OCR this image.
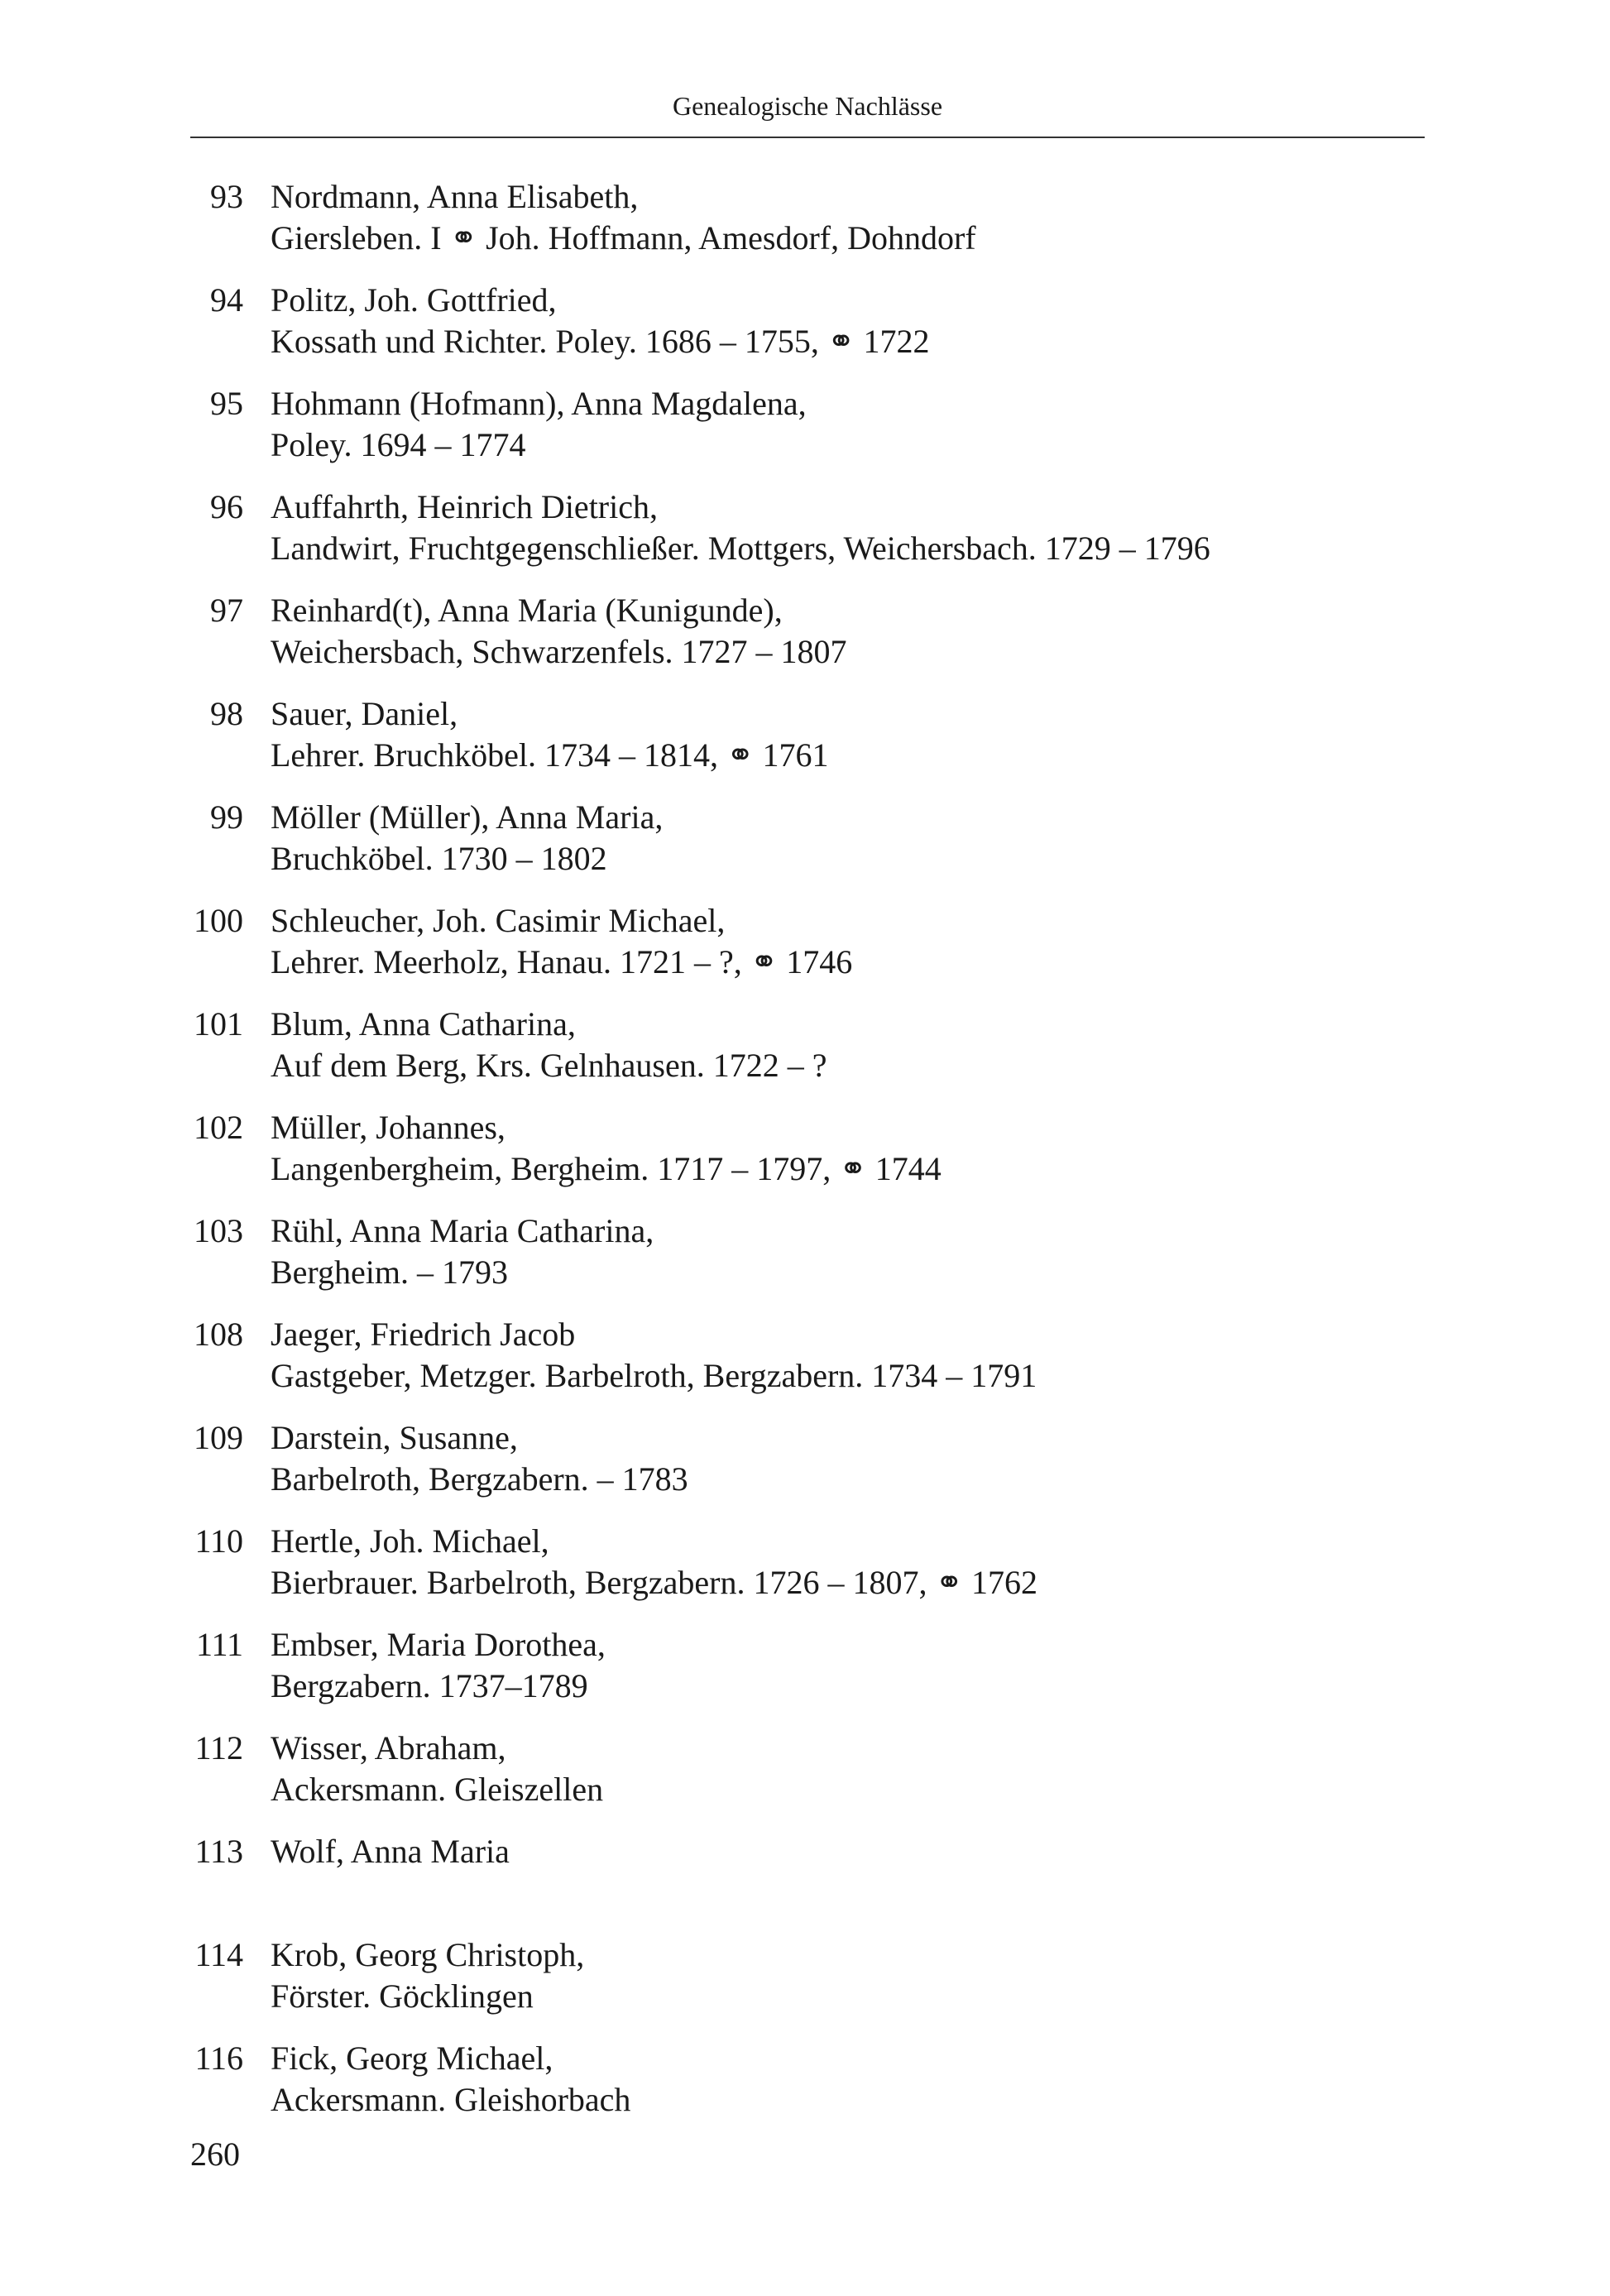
Genealogische Nachlässe
93 Nordmann, Anna Elisabeth,
Giersleben. I ⚭ Joh. Hoffmann, Amesdorf, Dohndorf
94 Politz, Joh. Gottfried,
Kossath und Richter. Poley. 1686 – 1755, ⚭ 1722
95 Hohmann (Hofmann), Anna Magdalena,
Poley. 1694 – 1774
96 Auffahrth, Heinrich Dietrich,
Landwirt, Fruchtgegenschließer. Mottgers, Weichersbach. 1729 – 1796
97 Reinhard(t), Anna Maria (Kunigunde),
Weichersbach, Schwarzenfels. 1727 – 1807
98 Sauer, Daniel,
Lehrer. Bruchköbel. 1734 – 1814, ⚭ 1761
99 Möller (Müller), Anna Maria,
Bruchköbel. 1730 – 1802
100 Schleucher, Joh. Casimir Michael,
Lehrer. Meerholz, Hanau. 1721 – ?, ⚭ 1746
101 Blum, Anna Catharina,
Auf dem Berg, Krs. Gelnhausen. 1722 – ?
102 Müller, Johannes,
Langenbergheim, Bergheim. 1717 – 1797, ⚭ 1744
103 Rühl, Anna Maria Catharina,
Bergheim. – 1793
108 Jaeger, Friedrich Jacob
Gastgeber, Metzger. Barbelroth, Bergzabern. 1734 – 1791
109 Darstein, Susanne,
Barbelroth, Bergzabern. – 1783
110 Hertle, Joh. Michael,
Bierbrauer. Barbelroth, Bergzabern. 1726 – 1807, ⚭ 1762
111 Embser, Maria Dorothea,
Bergzabern. 1737–1789
112 Wisser, Abraham,
Ackersmann. Gleiszellen
113 Wolf, Anna Maria
114 Krob, Georg Christoph,
Förster. Göcklingen
116 Fick, Georg Michael,
Ackersmann. Gleishorbach
260
